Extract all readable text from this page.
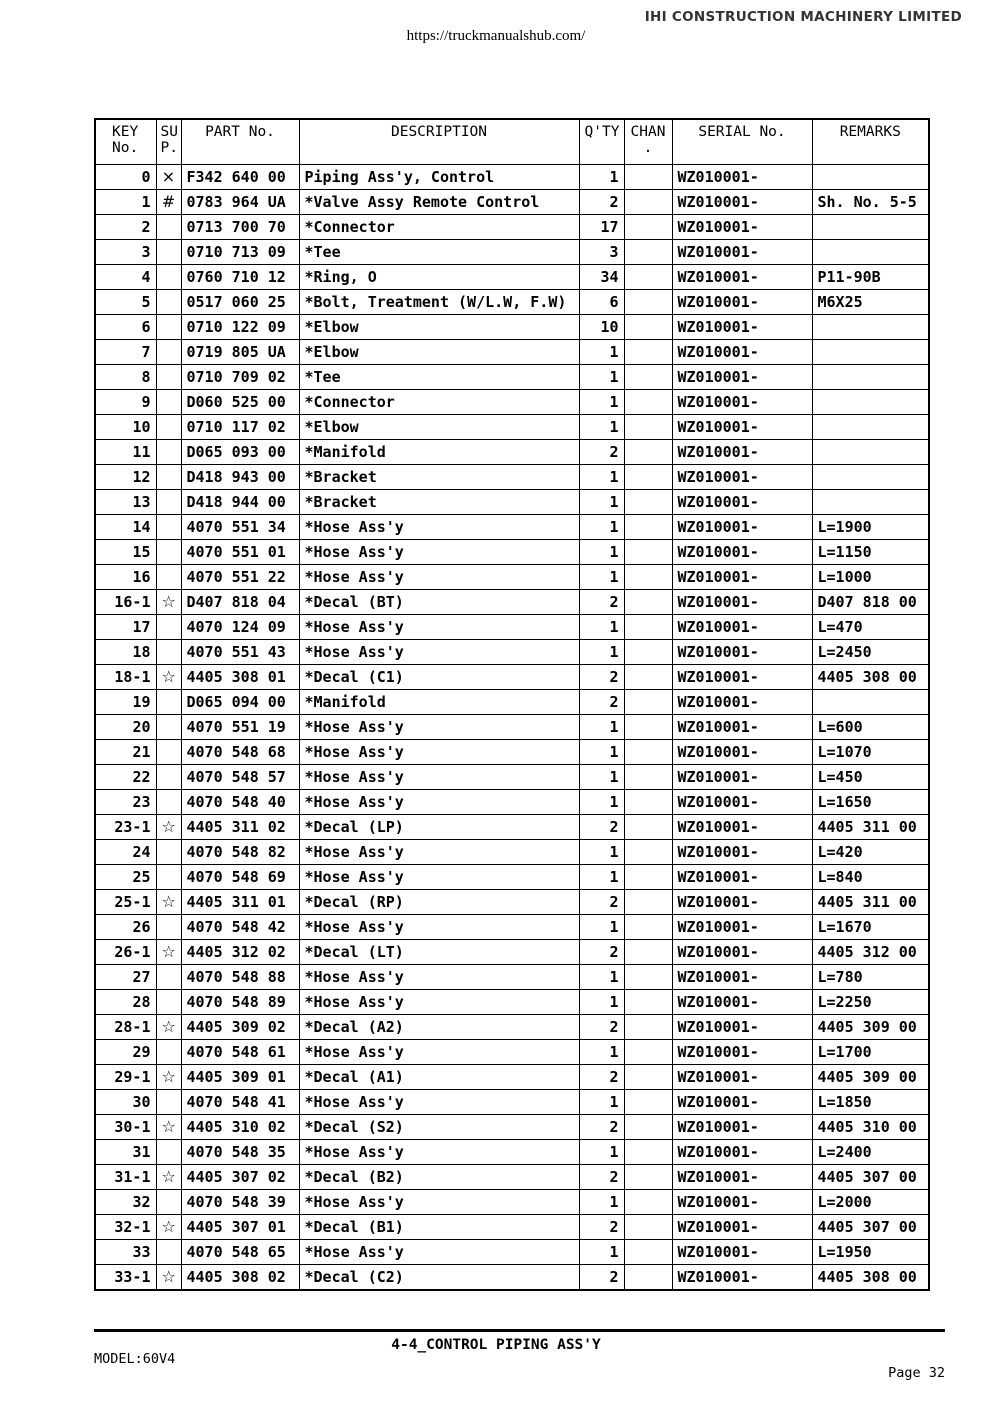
IHI CONSTRUCTION MACHINERY LIMITED
https://truckmanualshub.com/
KEY No.	SU P.	PART No.	DESCRIPTION	Q'TY	CHAN .	SERIAL No.	REMARKS
0	×	F342 640 00	Piping Ass'y, Control	1		WZ010001-	
1	#	0783 964 UA	*Valve Assy Remote Control	2		WZ010001-	Sh. No. 5-5
2		0713 700 70	*Connector	17		WZ010001-	
3		0710 713 09	*Tee	3		WZ010001-	
4		0760 710 12	*Ring, O	34		WZ010001-	P11-90B
5		0517 060 25	*Bolt, Treatment (W/L.W, F.W)	6		WZ010001-	M6X25
6		0710 122 09	*Elbow	10		WZ010001-	
7		0719 805 UA	*Elbow	1		WZ010001-	
8		0710 709 02	*Tee	1		WZ010001-	
9		D060 525 00	*Connector	1		WZ010001-	
10		0710 117 02	*Elbow	1		WZ010001-	
11		D065 093 00	*Manifold	2		WZ010001-	
12		D418 943 00	*Bracket	1		WZ010001-	
13		D418 944 00	*Bracket	1		WZ010001-	
14		4070 551 34	*Hose Ass'y	1		WZ010001-	L=1900
15		4070 551 01	*Hose Ass'y	1		WZ010001-	L=1150
16		4070 551 22	*Hose Ass'y	1		WZ010001-	L=1000
16-1	☆	D407 818 04	*Decal (BT)	2		WZ010001-	D407 818 00
17		4070 124 09	*Hose Ass'y	1		WZ010001-	L=470
18		4070 551 43	*Hose Ass'y	1		WZ010001-	L=2450
18-1	☆	4405 308 01	*Decal (C1)	2		WZ010001-	4405 308 00
19		D065 094 00	*Manifold	2		WZ010001-	
20		4070 551 19	*Hose Ass'y	1		WZ010001-	L=600
21		4070 548 68	*Hose Ass'y	1		WZ010001-	L=1070
22		4070 548 57	*Hose Ass'y	1		WZ010001-	L=450
23		4070 548 40	*Hose Ass'y	1		WZ010001-	L=1650
23-1	☆	4405 311 02	*Decal (LP)	2		WZ010001-	4405 311 00
24		4070 548 82	*Hose Ass'y	1		WZ010001-	L=420
25		4070 548 69	*Hose Ass'y	1		WZ010001-	L=840
25-1	☆	4405 311 01	*Decal (RP)	2		WZ010001-	4405 311 00
26		4070 548 42	*Hose Ass'y	1		WZ010001-	L=1670
26-1	☆	4405 312 02	*Decal (LT)	2		WZ010001-	4405 312 00
27		4070 548 88	*Hose Ass'y	1		WZ010001-	L=780
28		4070 548 89	*Hose Ass'y	1		WZ010001-	L=2250
28-1	☆	4405 309 02	*Decal (A2)	2		WZ010001-	4405 309 00
29		4070 548 61	*Hose Ass'y	1		WZ010001-	L=1700
29-1	☆	4405 309 01	*Decal (A1)	2		WZ010001-	4405 309 00
30		4070 548 41	*Hose Ass'y	1		WZ010001-	L=1850
30-1	☆	4405 310 02	*Decal (S2)	2		WZ010001-	4405 310 00
31		4070 548 35	*Hose Ass'y	1		WZ010001-	L=2400
31-1	☆	4405 307 02	*Decal (B2)	2		WZ010001-	4405 307 00
32		4070 548 39	*Hose Ass'y	1		WZ010001-	L=2000
32-1	☆	4405 307 01	*Decal (B1)	2		WZ010001-	4405 307 00
33		4070 548 65	*Hose Ass'y	1		WZ010001-	L=1950
33-1	☆	4405 308 02	*Decal (C2)	2		WZ010001-	4405 308 00
4-4_CONTROL PIPING ASS'Y
MODEL:60V4
Page 32
